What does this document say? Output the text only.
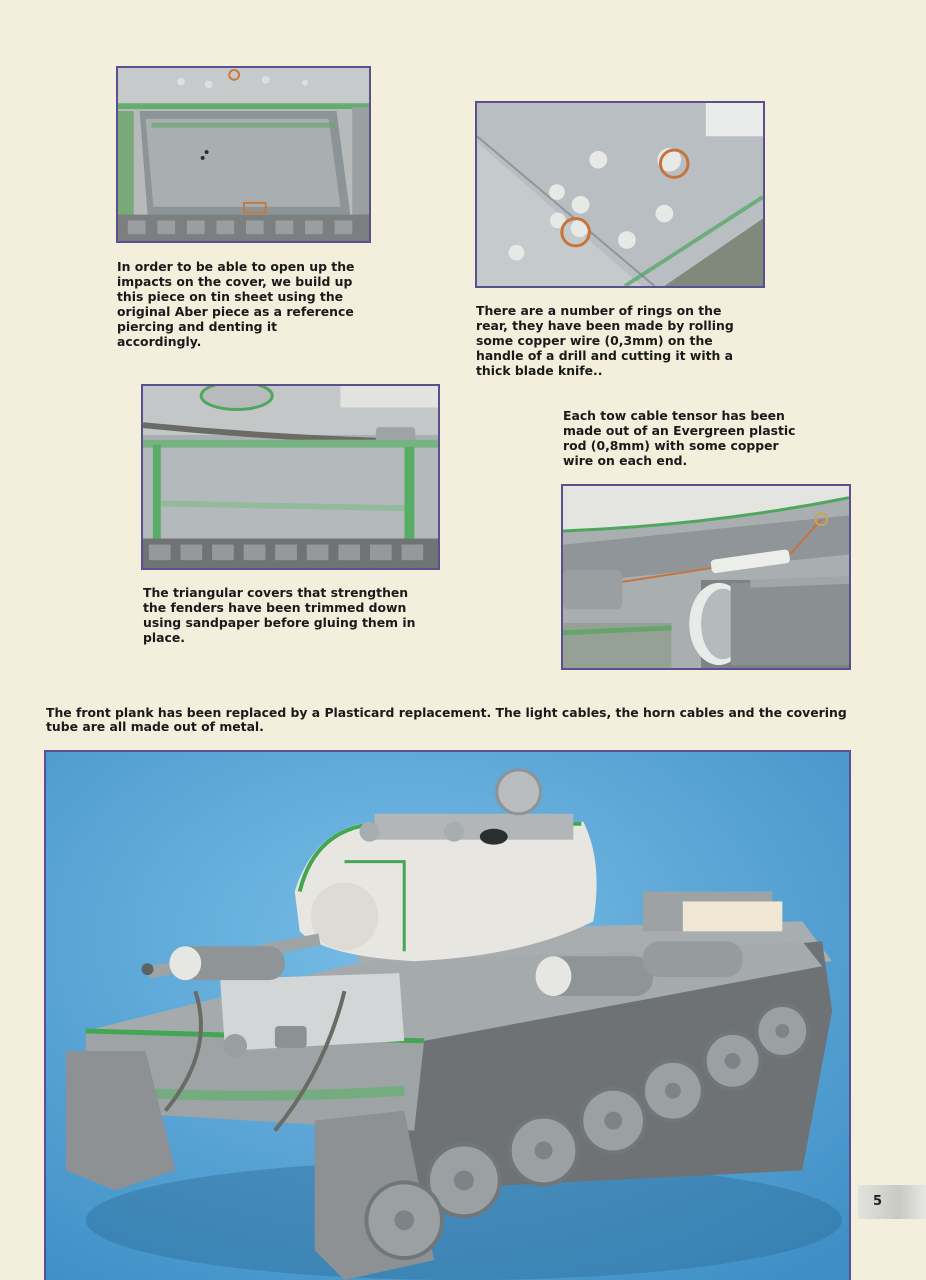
In order to be able to open up the impacts on the cover, we build up this piece on tin sheet using the original Aber piece as a reference piercing and denting it accordingly.

There are a number of rings on the rear, they have been made by rolling some copper wire (0,3mm) on the handle of a drill and cutting it with a thick blade knife..

The triangular covers that strengthen the fenders have been trimmed down using sandpaper before gluing them in place.

Each tow cable tensor has been made out of an Evergreen plastic rod (0,8mm) with some copper wire on each end.

The front plank has been replaced by a Plasticard replacement. The light cables, the horn cables and the covering tube are all made out of metal.

5
